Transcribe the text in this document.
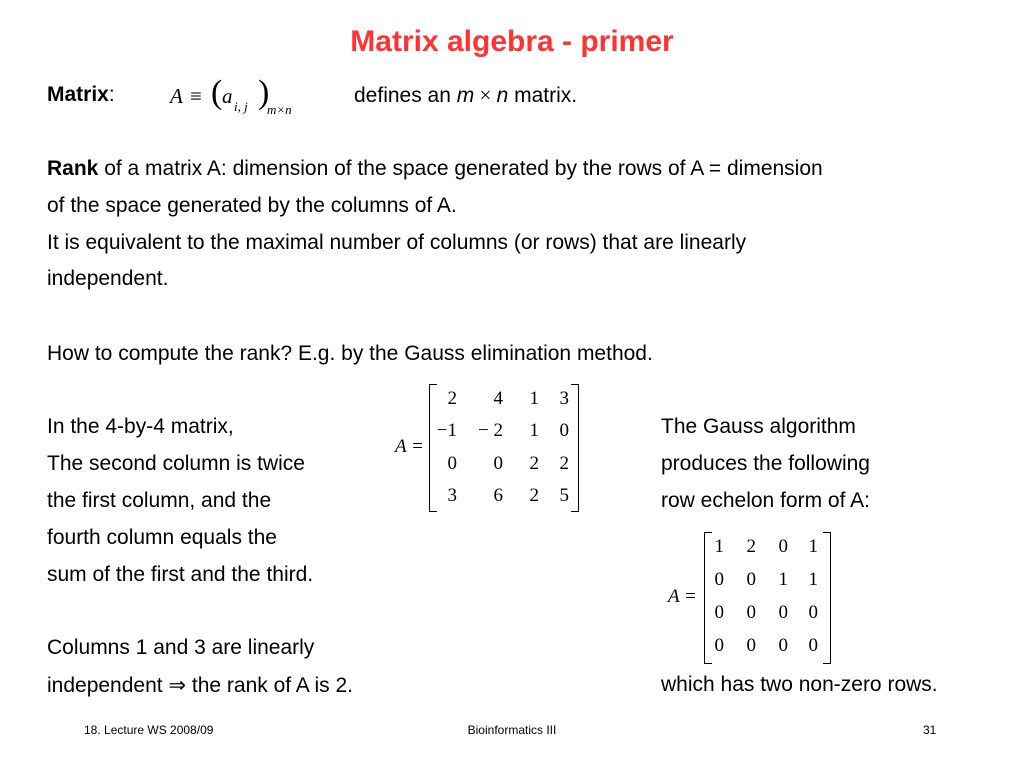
Matrix algebra - primer
Matrix:	A ≡ ( a i, j )
m×n
defines an m × n matrix.
Rank of a matrix A: dimension of the space generated by the rows of A = dimension
of the space generated by the columns of A.
It is equivalent to the maximal number of columns (or rows) that are linearly
independent.
How to compute the rank? E.g. by the Gauss elimination method.
In the 4-by-4 matrix,
The second column is twice
the first column, and the
fourth column equals the
sum of the first and the third.
Columns 1 and 3 are linearly
independent ⇒ the rank of A is 2.
A =
2	4	1	3
−1	− 2	1	0
0	0	2	2
3	6	2	5
The Gauss algorithm
produces the following
row echelon form of A:
A =
1	2	0	1
0	0	1	1
0	0	0	0
0	0	0	0
which has two non-zero rows.
18. Lecture WS 2008/09	Bioinformatics III	31
